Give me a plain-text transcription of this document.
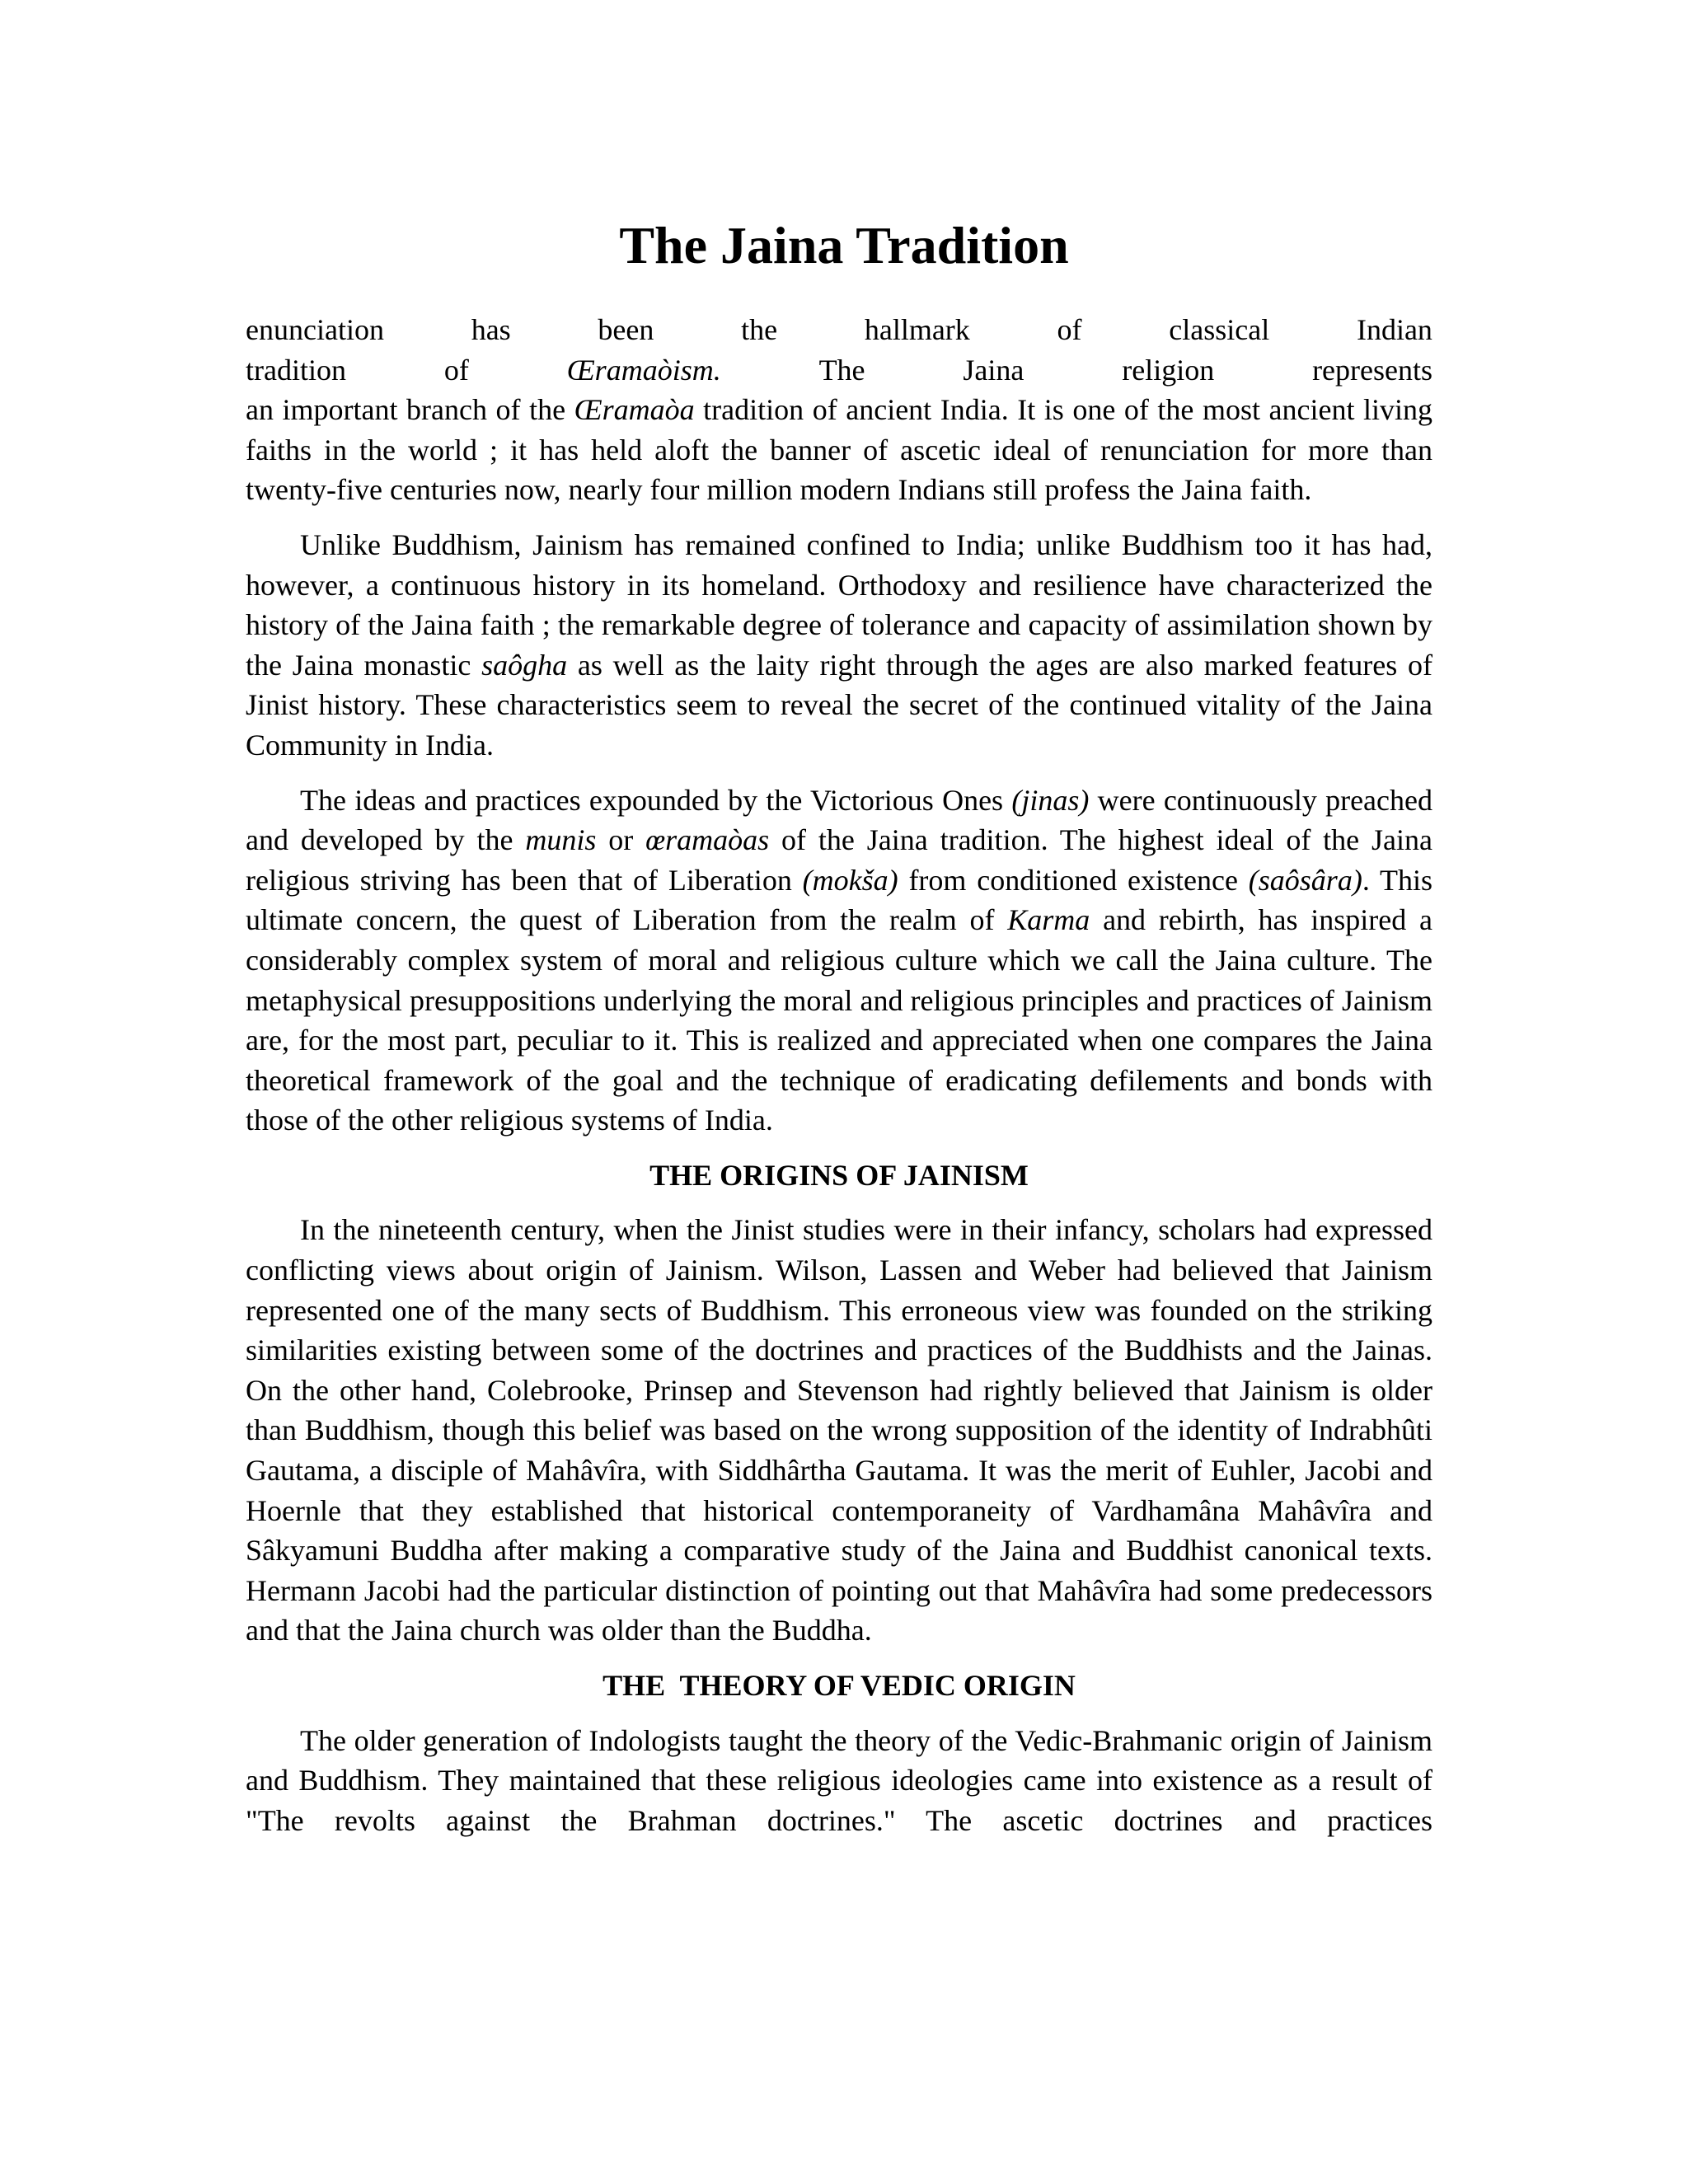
The Jaina Tradition
enunciation	has	been	the	hallmark	of	classical	Indian
tradition	of	Œramaòism.	The	Jaina	religion	represents

an important branch of the Œramaòa tradition of ancient India. It is one of the most ancient living faiths in the world ; it has held aloft the banner of ascetic ideal of renunciation for more than twenty-five centuries now, nearly four million modern Indians still profess the Jaina faith.

Unlike Buddhism, Jainism has remained confined to India; unlike Buddhism too it has had, however, a continuous history in its homeland. Orthodoxy and resilience have characterized the history of the Jaina faith ; the remarkable degree of tolerance and capacity of assimilation shown by the Jaina monastic saôgha as well as the laity right through the ages are also marked features of Jinist history. These characteristics seem to reveal the secret of the continued vitality of the Jaina Community in India.

The ideas and practices expounded by the Victorious Ones (jinas) were continuously preached and developed by the munis or œramaòas of the Jaina tradition. The highest ideal of the Jaina religious striving has been that of Liberation (mokša) from conditioned existence (saôsâra). This ultimate concern, the quest of Liberation from the realm of Karma and rebirth, has inspired a considerably complex system of moral and religious culture which we call the Jaina culture. The metaphysical presuppositions underlying the moral and religious principles and practices of Jainism are, for the most part, peculiar to it. This is realized and appreciated when one compares the Jaina theoretical framework of the goal and the technique of eradicating defilements and bonds with those of the other religious systems of India.

THE ORIGINS OF JAINISM

In the nineteenth century, when the Jinist studies were in their infancy, scholars had expressed conflicting views about origin of Jainism. Wilson, Lassen and Weber had believed that Jainism represented one of the many sects of Buddhism. This erroneous view was founded on the striking similarities existing between some of the doctrines and practices of the Buddhists and the Jainas. On the other hand, Colebrooke, Prinsep and Stevenson had rightly believed that Jainism is older than Buddhism, though this belief was based on the wrong supposition of the identity of Indrabhûti Gautama, a disciple of Mahâvîra, with Siddhârtha Gautama. It was the merit of Euhler, Jacobi and Hoernle that they established that historical contemporaneity of Vardhamâna Mahâvîra and Sâkyamuni Buddha after making a comparative study of the Jaina and Buddhist canonical texts. Hermann Jacobi had the particular distinction of pointing out that Mahâvîra had some predecessors and that the Jaina church was older than the Buddha.

THE  THEORY OF VEDIC ORIGIN

The older generation of Indologists taught the theory of the Vedic-Brahmanic origin of Jainism and Buddhism. They maintained that these religious ideologies came into existence as a result of "The revolts against the Brahman doctrines." The ascetic doctrines and practices
